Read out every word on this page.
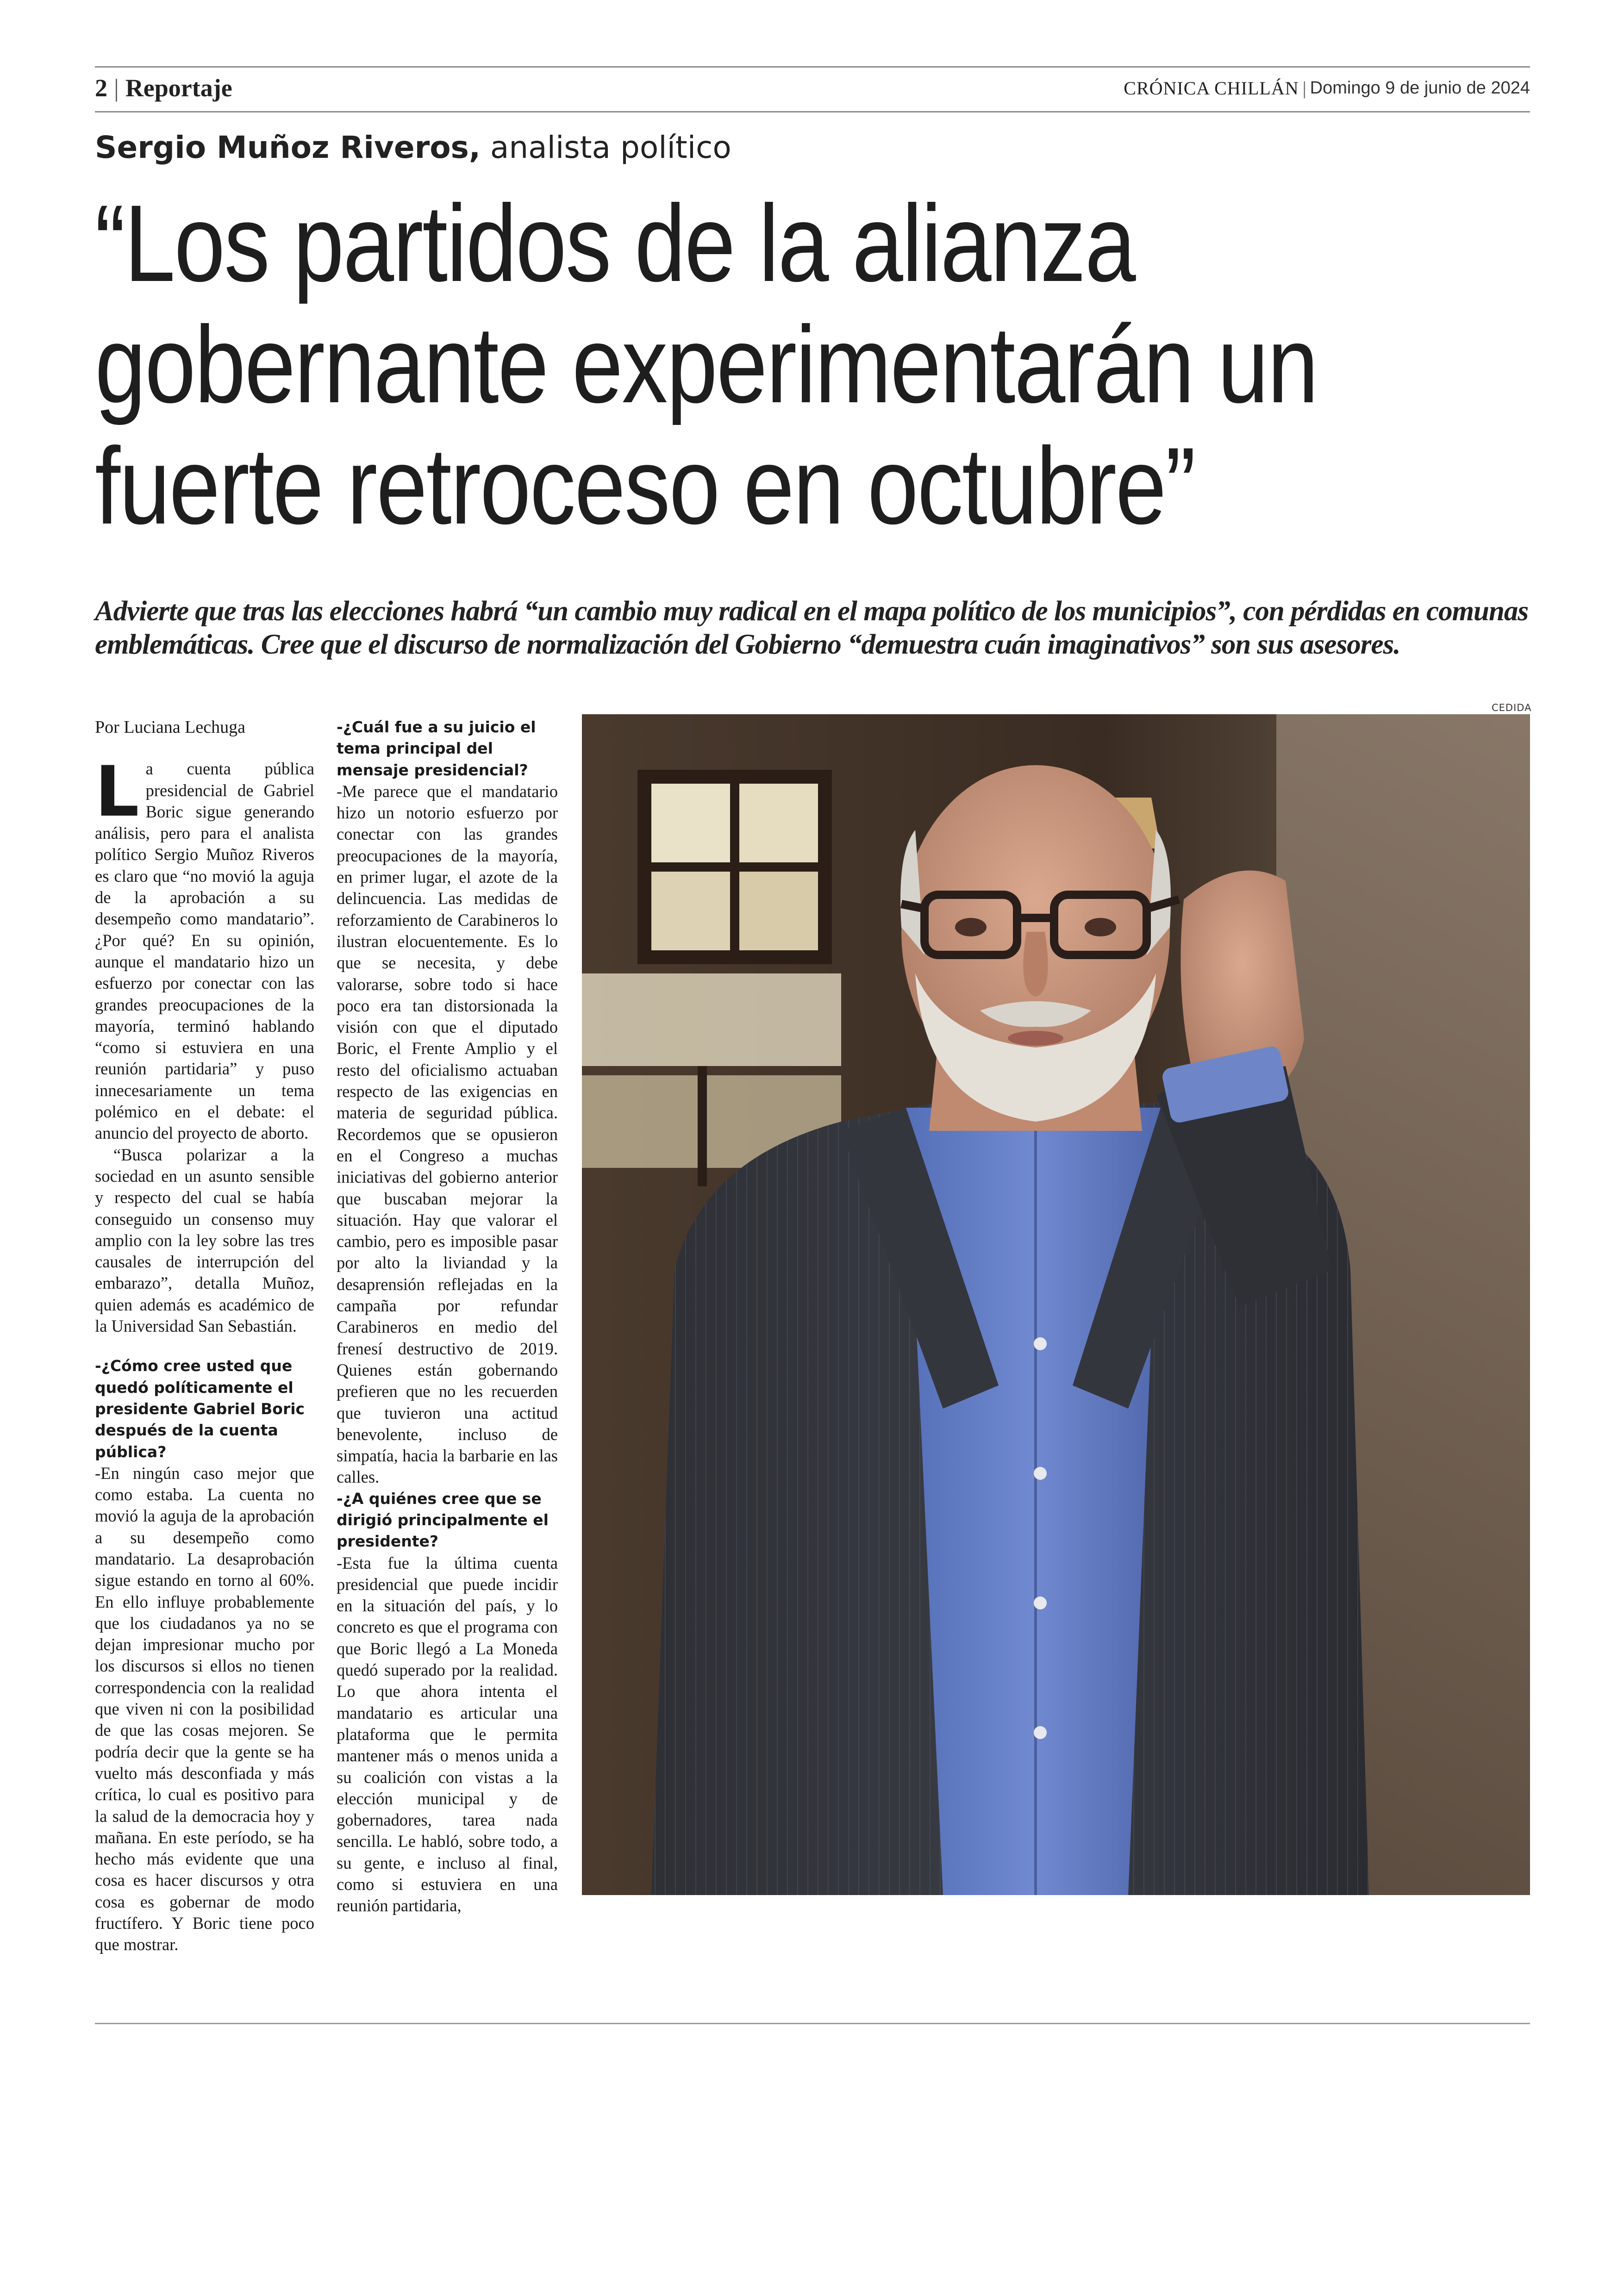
2 | Reportaje	CRÓNICA CHILLÁN | Domingo 9 de junio de 2024
Sergio Muñoz Riveros, analista político
“Los partidos de la alianza
gobernante experimentarán un
fuerte retroceso en octubre”
Advierte que tras las elecciones habrá “un cambio muy radical en el mapa político de los municipios”, con pérdidas en comunas emblemáticas. Cree que el discurso de normalización del Gobierno “demuestra cuán imaginativos” son sus asesores.
Por Luciana Lechuga

La cuenta pública presidencial de Gabriel Boric sigue generando análisis, pero para el analista político Sergio Muñoz Riveros es claro que “no movió la aguja de la aprobación a su desempeño como mandatario”. ¿Por qué? En su opinión, aunque el mandatario hizo un esfuerzo por conectar con las grandes preocupaciones de la mayoría, terminó hablando “como si estuviera en una reunión partidaria” y puso innecesariamente un tema polémico en el debate: el anuncio del proyecto de aborto.

“Busca polarizar a la sociedad en un asunto sensible y respecto del cual se había conseguido un consenso muy amplio con la ley sobre las tres causales de interrupción del embarazo”, detalla Muñoz, quien además es académico de la Universidad San Sebastián.

-¿Cómo cree usted que quedó políticamente el presidente Gabriel Boric después de la cuenta pública?

-En ningún caso mejor que como estaba. La cuenta no movió la aguja de la aprobación a su desempeño como mandatario. La desaprobación sigue estando en torno al 60%. En ello influye probablemente que los ciudadanos ya no se dejan impresionar mucho por los discursos si ellos no tienen correspondencia con la realidad que viven ni con la posibilidad de que las cosas mejoren. Se podría decir que la gente se ha vuelto más desconfiada y más crítica, lo cual es positivo para la salud de la democracia hoy y mañana. En este período, se ha hecho más evidente que una cosa es hacer discursos y otra cosa es gobernar de modo fructífero. Y Boric tiene poco que mostrar.

-¿Cuál fue a su juicio el tema principal del mensaje presidencial?

-Me parece que el mandatario hizo un notorio esfuerzo por conectar con las grandes preocupaciones de la mayoría, en primer lugar, el azote de la delincuencia. Las medidas de reforzamiento de Carabineros lo ilustran elocuentemente. Es lo que se necesita, y debe valorarse, sobre todo si hace poco era tan distorsionada la visión con que el diputado Boric, el Frente Amplio y el resto del oficialismo actuaban respecto de las exigencias en materia de seguridad pública. Recordemos que se opusieron en el Congreso a muchas iniciativas del gobierno anterior que buscaban mejorar la situación. Hay que valorar el cambio, pero es imposible pasar por alto la liviandad y la desaprensión reflejadas en la campaña por refundar Carabineros en medio del frenesí destructivo de 2019. Quienes están gobernando prefieren que no les recuerden que tuvieron una actitud benevolente, incluso de simpatía, hacia la barbarie en las calles.

-¿A quiénes cree que se dirigió principalmente el presidente?

-Esta fue la última cuenta presidencial que puede incidir en la situación del país, y lo concreto es que el programa con que Boric llegó a La Moneda quedó superado por la realidad. Lo que ahora intenta el mandatario es articular una plataforma que le permita mantener más o menos unida a su coalición con vistas a la elección municipal y de gobernadores, tarea nada sencilla. Le habló, sobre todo, a su gente, e incluso al final, como si estuviera en una reunión partidaria,

CEDIDA
